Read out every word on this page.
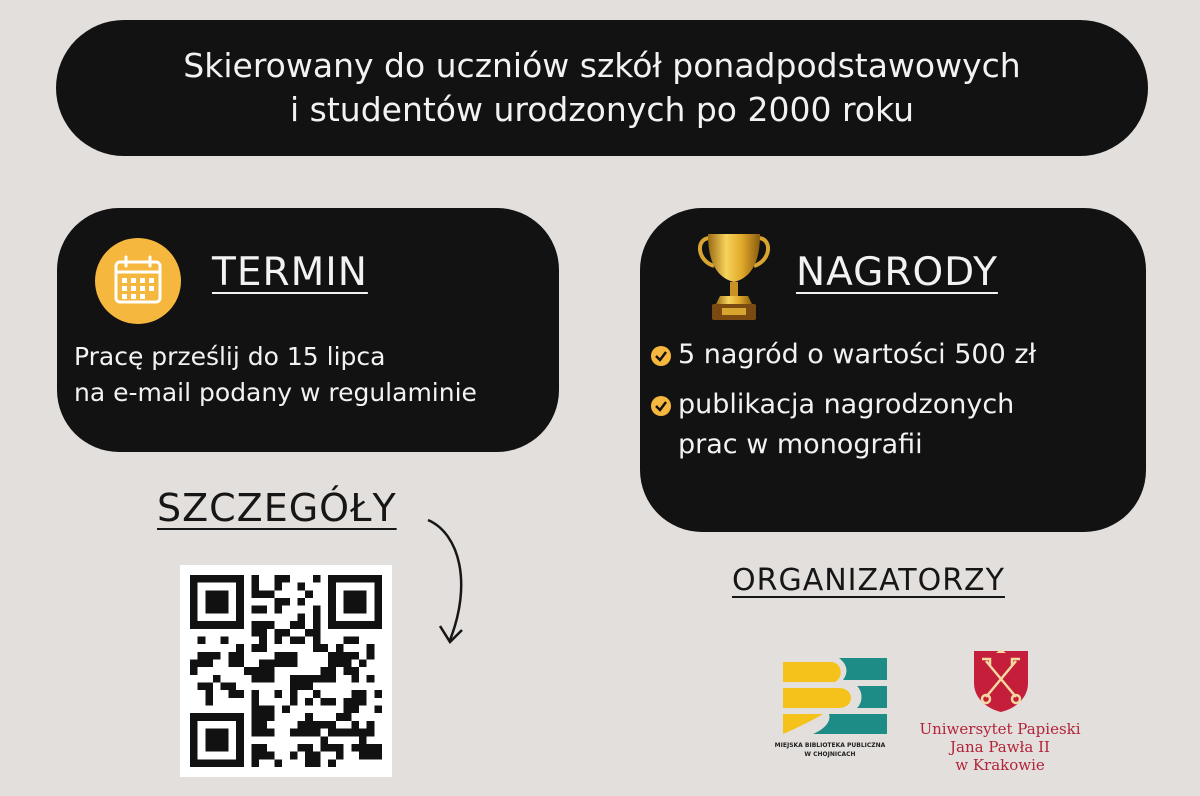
Skierowany do uczniów szkół ponadpodstawowych
i studentów urodzonych po 2000 roku
TERMIN
Pracę prześlij do 15 lipca
na e-mail podany w regulaminie
NAGRODY
5 nagród o wartości 500 zł
publikacja nagrodzonych
prac w monografii
SZCZEGÓŁY
ORGANIZATORZY
MIEJSKA BIBLIOTEKA PUBLICZNA
W CHOJNICACH
Uniwersytet Papieski
Jana Pawła II
w Krakowie
